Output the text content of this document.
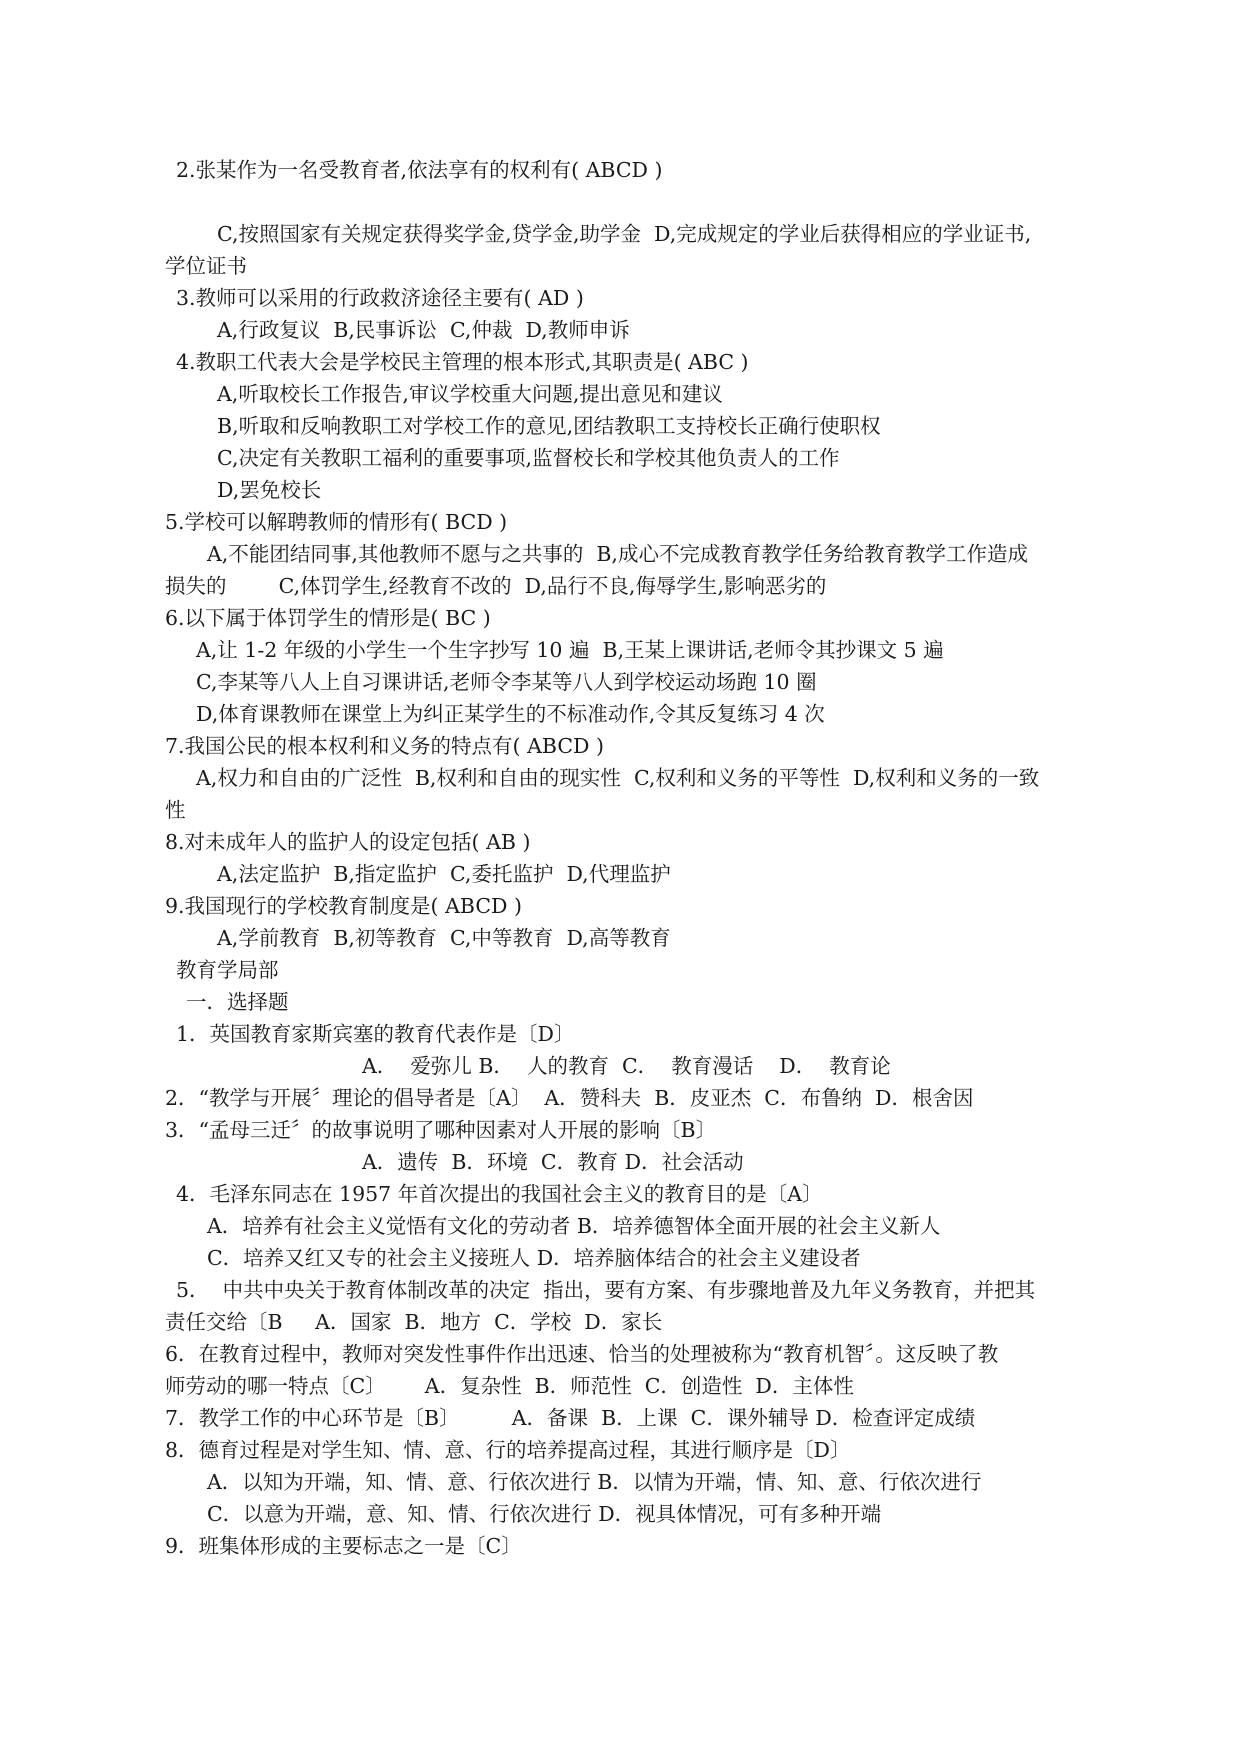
2.张某作为一名受教育者,依法享有的权利有( ABCD )
C,按照国家有关规定获得奖学金,贷学金,助学金  D,完成规定的学业后获得相应的学业证书,
学位证书
3.教师可以采用的行政救济途径主要有( AD )
A,行政复议  B,民事诉讼  C,仲裁  D,教师申诉
4.教职工代表大会是学校民主管理的根本形式,其职责是( ABC )
A,听取校长工作报告,审议学校重大问题,提出意见和建议
B,听取和反响教职工对学校工作的意见,团结教职工支持校长正确行使职权
C,决定有关教职工福利的重要事项,监督校长和学校其他负责人的工作
D,罢免校长
5.学校可以解聘教师的情形有( BCD )
A,不能团结同事,其他教师不愿与之共事的  B,成心不完成教育教学任务给教育教学工作造成
损失的        C,体罚学生,经教育不改的  D,品行不良,侮辱学生,影响恶劣的
6.以下属于体罚学生的情形是( BC )
A,让 1-2 年级的小学生一个生字抄写 10 遍  B,王某上课讲话,老师令其抄课文 5 遍
C,李某等八人上自习课讲话,老师令李某等八人到学校运动场跑 10 圈
D,体育课教师在课堂上为纠正某学生的不标准动作,令其反复练习 4 次
7.我国公民的根本权利和义务的特点有( ABCD )
A,权力和自由的广泛性  B,权利和自由的现实性  C,权利和义务的平等性  D,权利和义务的一致
性
8.对未成年人的监护人的设定包括( AB )
A,法定监护  B,指定监护  C,委托监护  D,代理监护
9.我国现行的学校教育制度是( ABCD )
A,学前教育  B,初等教育  C,中等教育  D,高等教育
教育学局部
一．选择题
1．英国教育家斯宾塞的教育代表作是〔D〕
A．  爱弥儿 B．  人的教育  C．  教育漫话    D．  教育论
2．“教学与开展〞理论的倡导者是〔A〕  A．赞科夫  B．皮亚杰  C．布鲁纳  D．根舍因
3．“孟母三迁〞的故事说明了哪种因素对人开展的影响〔B〕
A．遗传  B．环境  C．教育 D．社会活动
4．毛泽东同志在 1957 年首次提出的我国社会主义的教育目的是〔A〕
A．培养有社会主义觉悟有文化的劳动者 B．培养德智体全面开展的社会主义新人
C．培养又红又专的社会主义接班人 D．培养脑体结合的社会主义建设者
5．  中共中央关于教育体制改革的决定  指出，要有方案、有步骤地普及九年义务教育，并把其
责任交给〔B     A．国家  B．地方  C．学校  D．家长
6．在教育过程中，教师对突发性事件作出迅速、恰当的处理被称为“教育机智〞。这反映了教
师劳动的哪一特点〔C〕      A．复杂性  B．师范性  C．创造性  D．主体性
7．教学工作的中心环节是〔B〕        A．备课  B．上课  C．课外辅导 D．检查评定成绩
8．德育过程是对学生知、情、意、行的培养提高过程，其进行顺序是〔D〕
A．以知为开端，知、情、意、行依次进行 B．以情为开端，情、知、意、行依次进行
C．以意为开端，意、知、情、行依次进行 D．视具体情况，可有多种开端
9．班集体形成的主要标志之一是〔C〕
